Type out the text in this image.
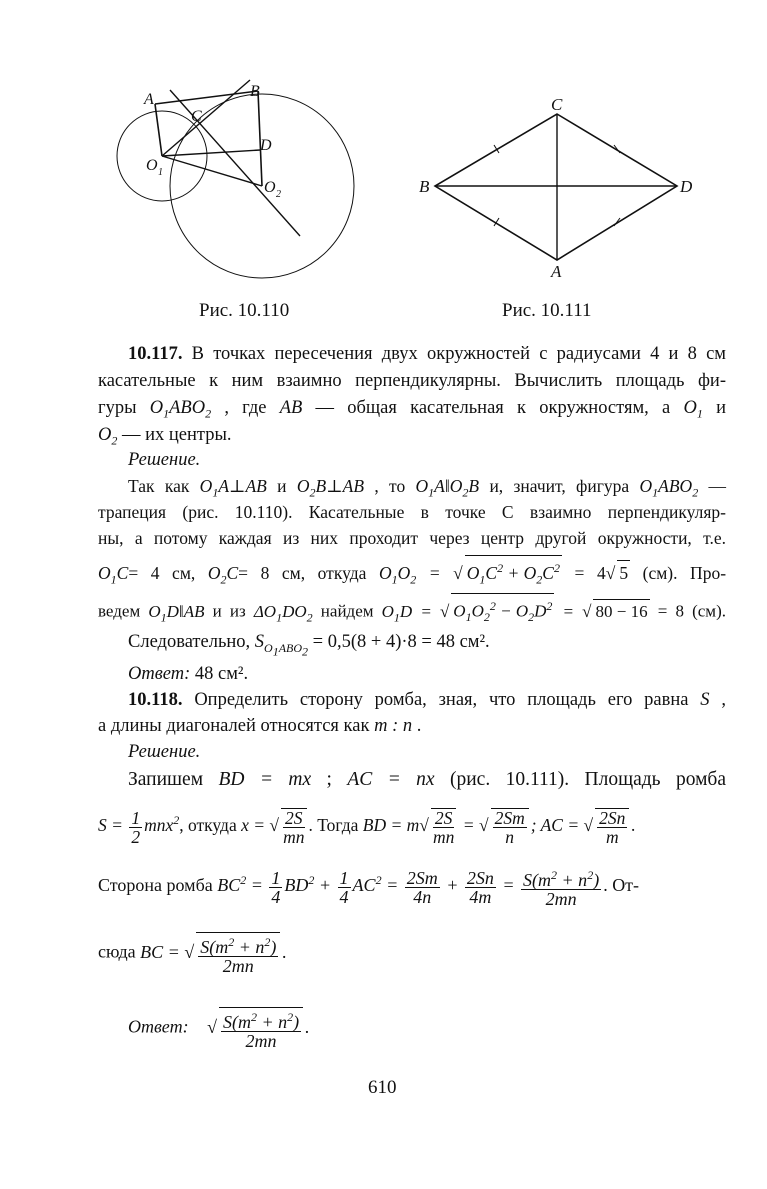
A	B
C
D
O 1
O 2
Рис. 10.110
C
B	D
A
Рис. 10.111
10.117. В точках пересечения двух окружностей с радиусами 4 и 8 см
касательные к ним взаимно перпендикулярны. Вычислить площадь фи-
гуры $O_1ABO_2$ , где AB — общая касательная к окружностям, а $O_1$ и
$O_2$ — их центры.
Решение.
Так как $O_1A\perp AB$ и $O_2B\perp AB$ , то $O_1A‖O_2B$ и, значит, фигура $O_1ABO_2$ —
трапеция (рис. 10.110). Касательные в точке C взаимно перпендикуляр-
ны, а потому каждая из них проходит через центр другой окружности, т.е.
$O_1C= 4$ см, $O_2C= 8$ см, откуда $O_1O_2$ = √ $O_1C^2 + O_2C^2 = 4√$ 5 (см). Про-
ведем $O_1D‖AB$ и из $\Delta O_1DO_2$ найдем $O_1D$ = √ $O_1O_2^2 - O_2D^2$ = √ 80 − 16 = 8 (см).
Следовательно, $S_{O_1ABO_2} = 0,5(8 + 4)\cdot 8 = 48$ см².
Ответ: 48 см².
10.118. Определить сторону ромба, зная, что площадь его равна S ,
а длины диагоналей относятся как m : n .
Решение.
Запишем BD = mx ; AC = nx (рис. 10.111). Площадь ромба
$S = \frac{1}{2} mnx^2$, откуда x = √ $\frac{2S}{mn}$ . Тогда BD = $m√ \frac{2S}{mn}$ = √ $\frac{2Sm}{n}$ ; AC = √ $\frac{2Sn}{m}$ .
Сторона ромба $BC^2 = \frac{1}{4} BD^2 + \frac{1}{4} AC^2 = \frac{2Sm}{4n} + \frac{2Sn}{4m} = \frac{S(m^2 + n^2)}{2mn}$ . От-
сюда BC = √ $\frac{S(m^2 + n^2)}{2mn}$ .
Ответ: √ $\frac{S(m^2 + n^2)}{2mn}$ .
610
